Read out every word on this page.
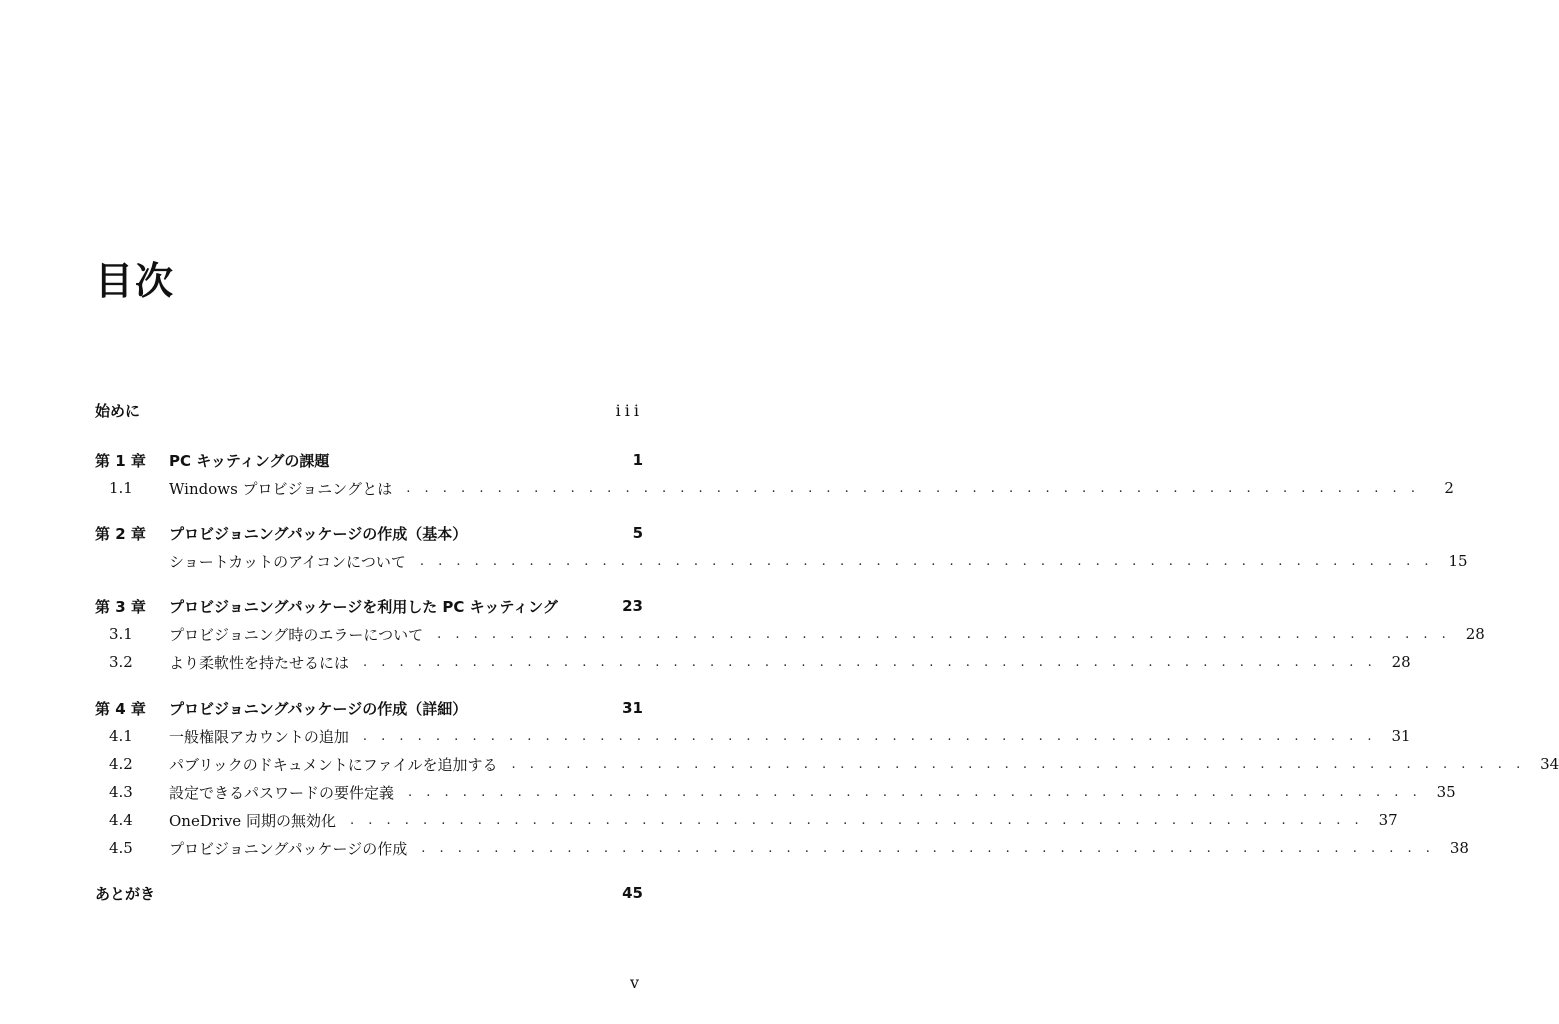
目次
始めに	iii
第 1 章	PC キッティングの課題	1
1.1	Windows プロビジョニングとは . . .	2
第 2 章	プロビジョニングパッケージの作成（基本）	5
ショートカットのアイコンについて . . .	15
第 3 章	プロビジョニングパッケージを利用した PC キッティング	23
3.1	プロビジョニング時のエラーについて . . .	28
3.2	より柔軟性を持たせるには . . .	28
第 4 章	プロビジョニングパッケージの作成（詳細）	31
4.1	一般権限アカウントの追加 . . .	31
4.2	パブリックのドキュメントにファイルを追加する . . .	34
4.3	設定できるパスワードの要件定義 . . .	35
4.4	OneDrive 同期の無効化 . . .	37
4.5	プロビジョニングパッケージの作成 . . .	38
あとがき	45
v
